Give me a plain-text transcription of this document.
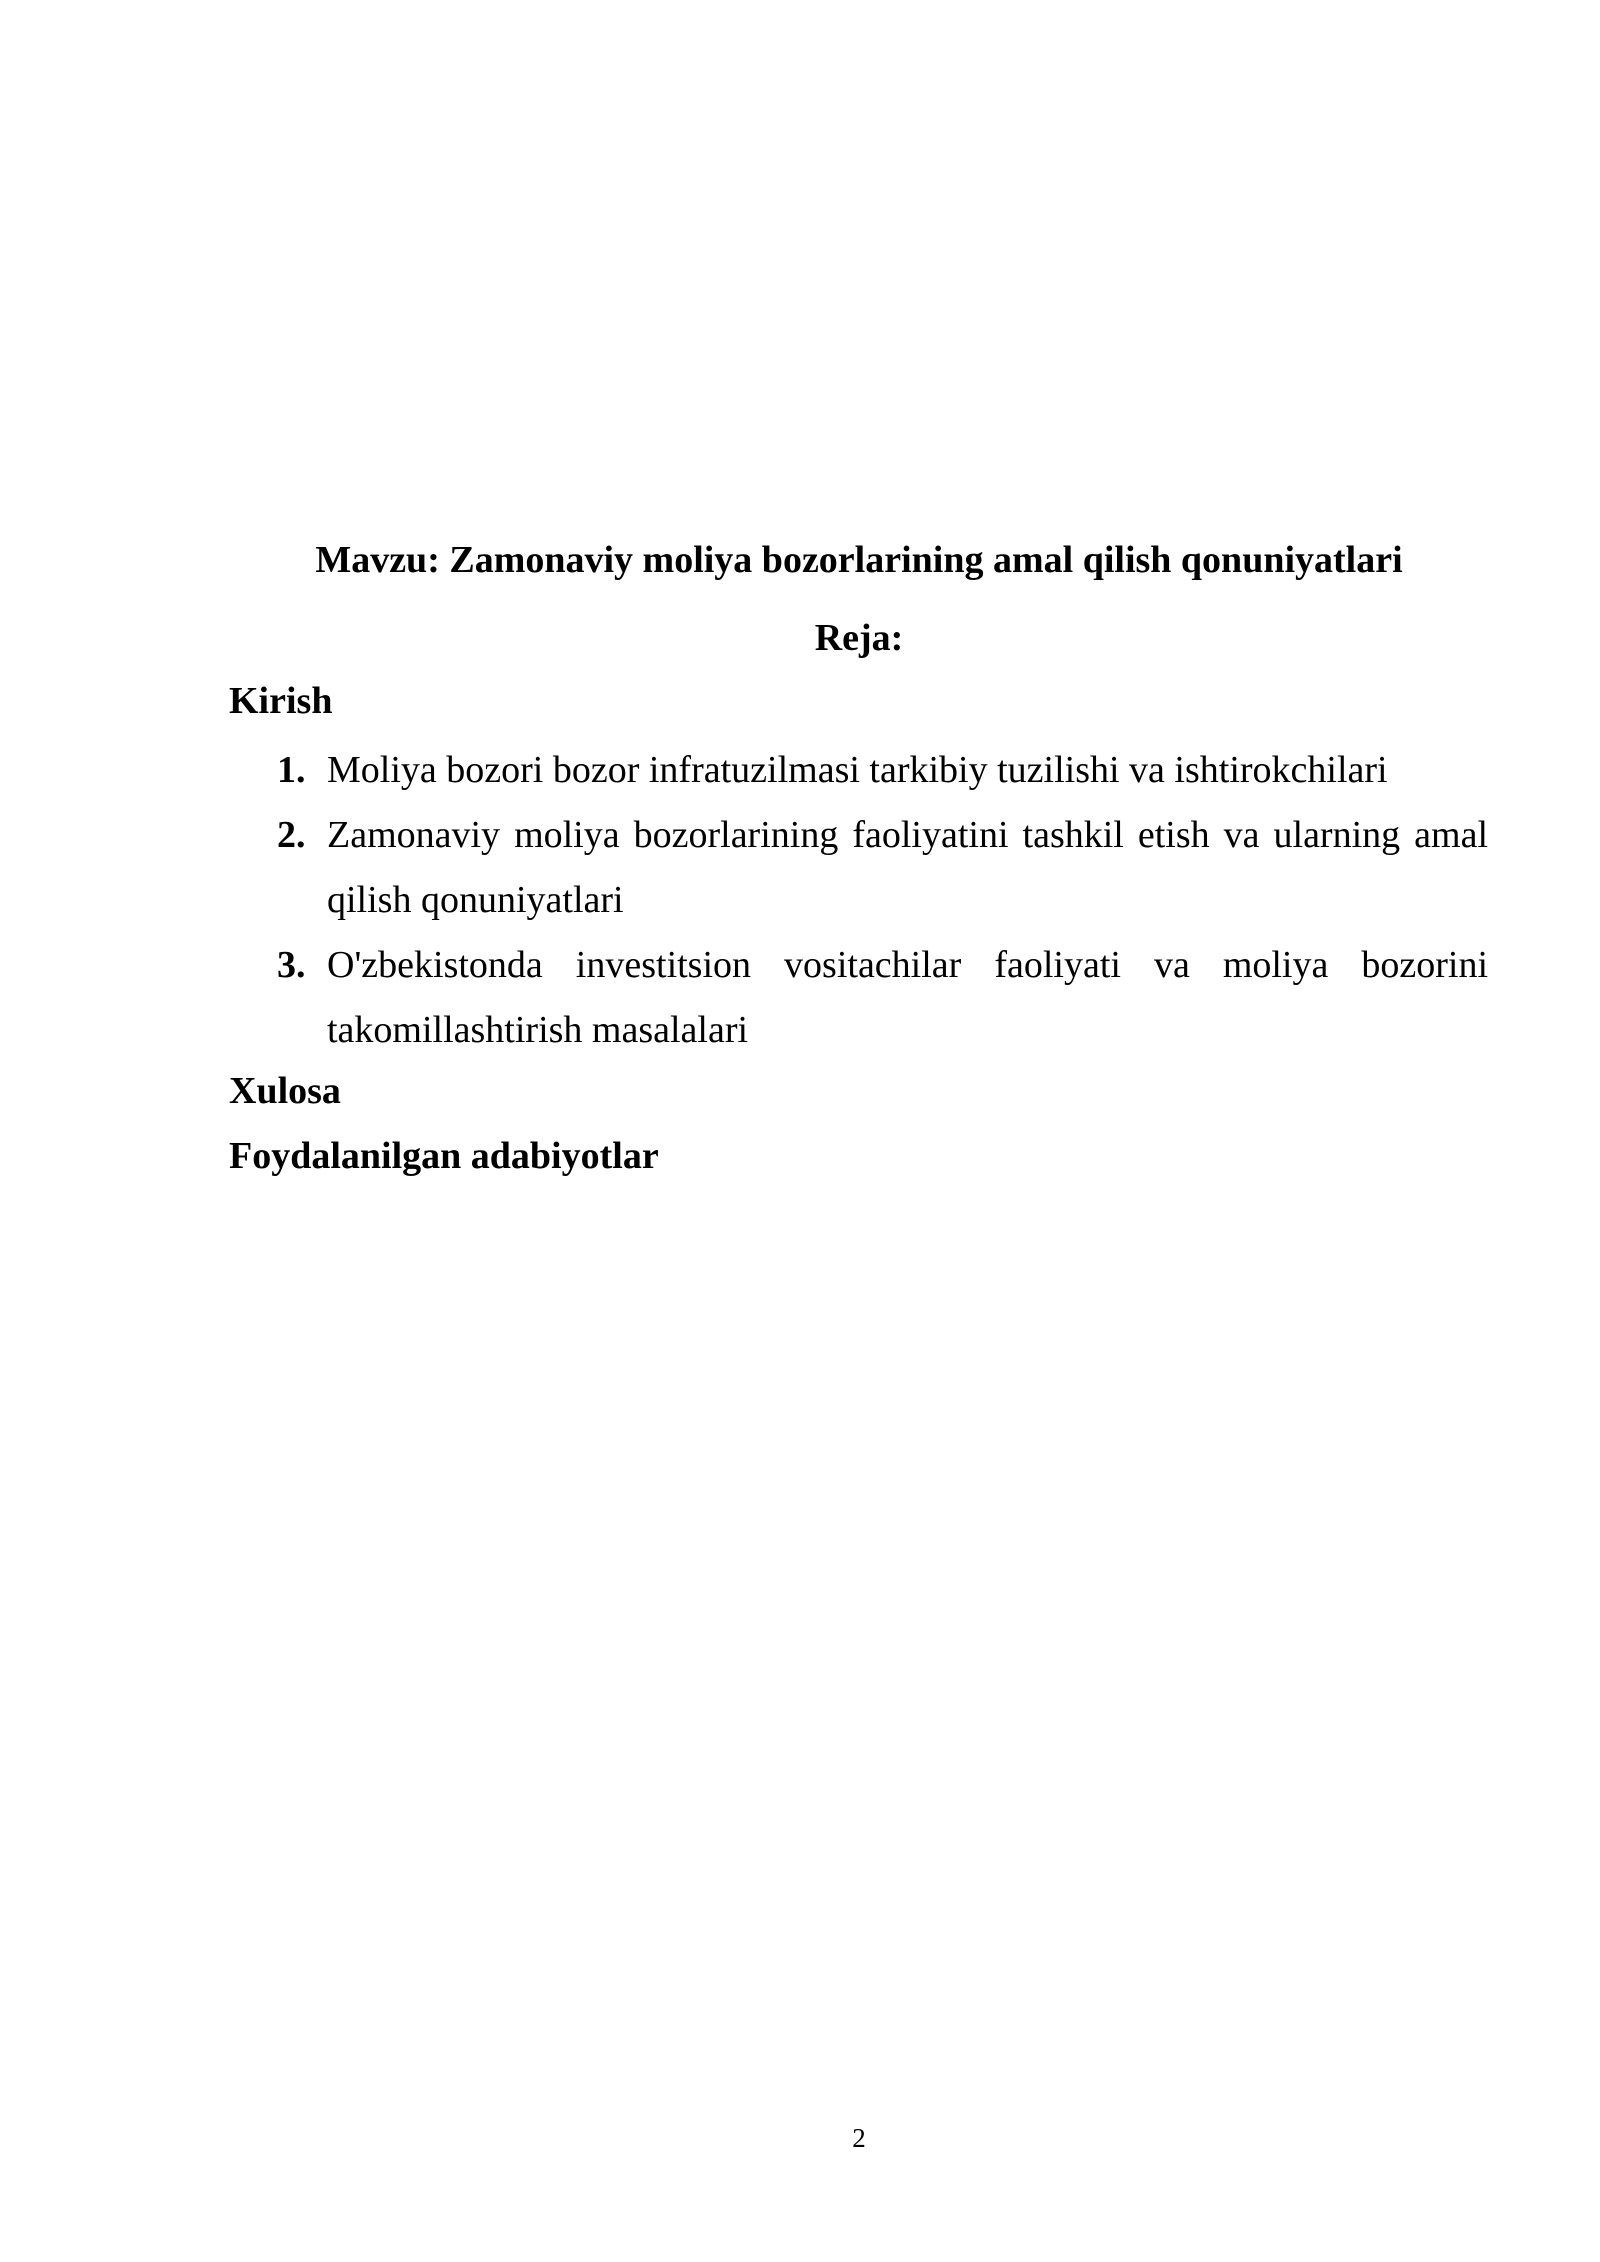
Mavzu: Zamonaviy moliya bozorlarining amal qilish qonuniyatlari
Reja:
Kirish
1. Moliya bozori bozor infratuzilmasi tarkibiy tuzilishi va ishtirokchilari
2. Zamonaviy moliya bozorlarining faoliyatini tashkil etish va ularning amal qilish qonuniyatlari
3. O'zbekistonda investitsion vositachilar faoliyati va moliya bozorini takomillashtirish masalalari
Xulosa
Foydalanilgan adabiyotlar
2
